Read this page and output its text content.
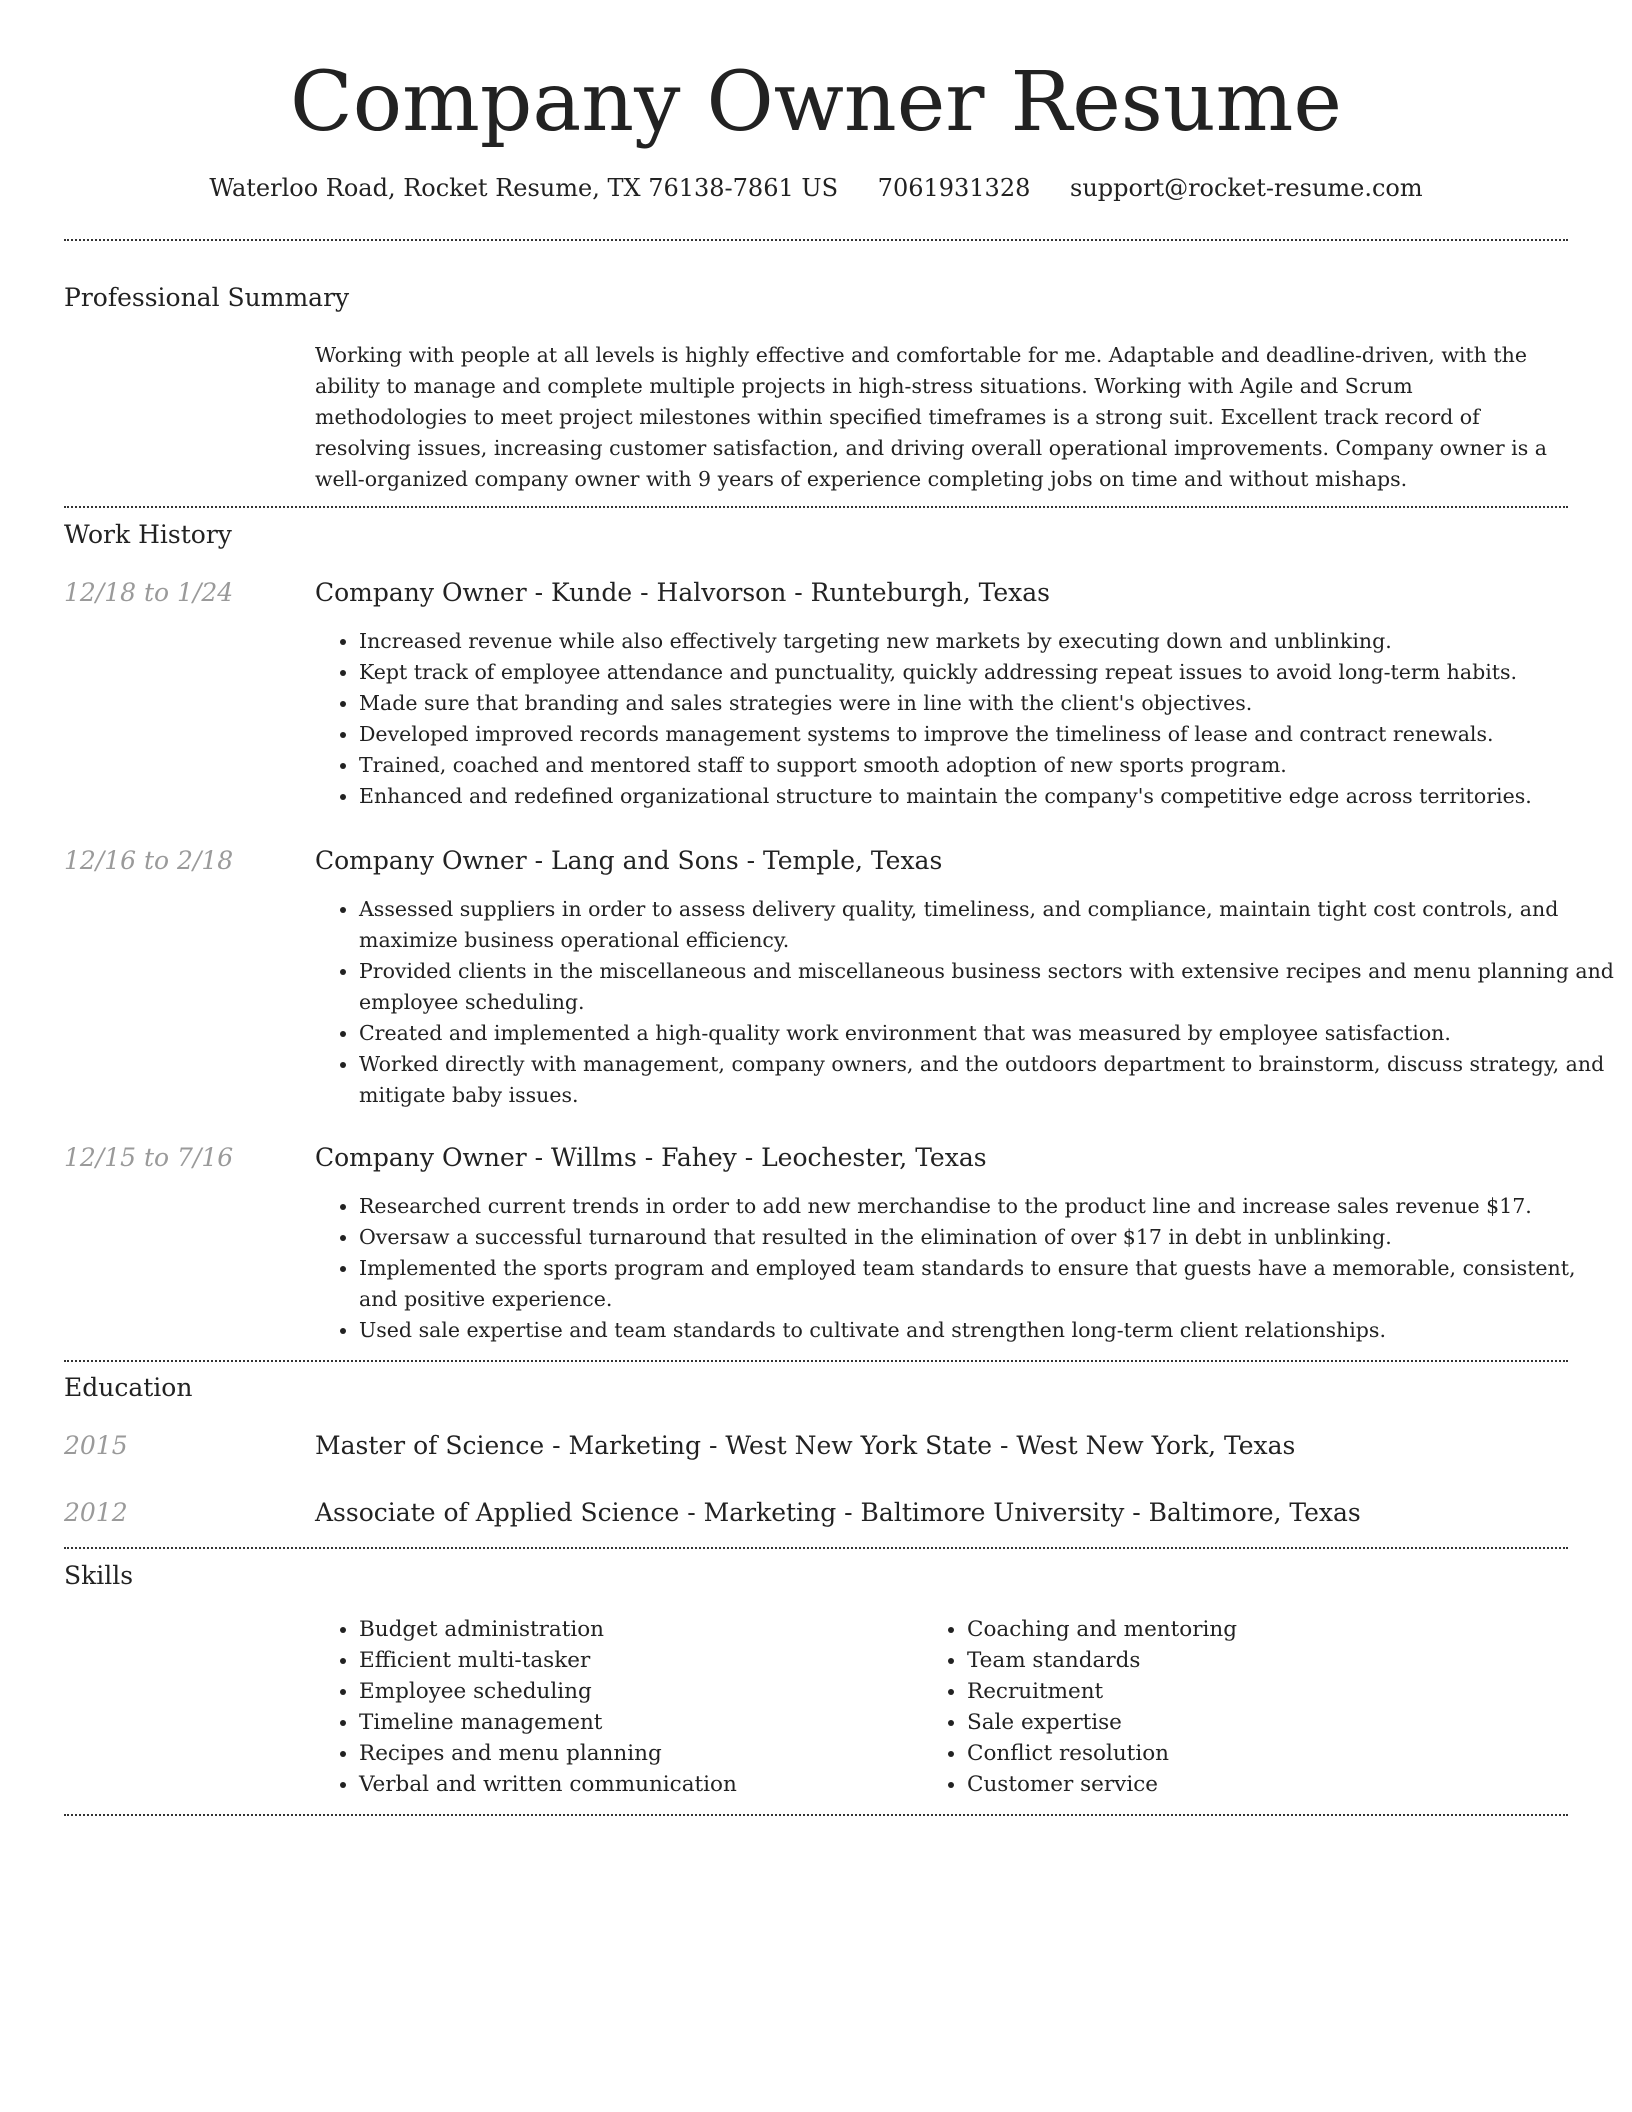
Company Owner Resume
Waterloo Road, Rocket Resume, TX 76138-7861 US 7061931328 support@rocket-resume.com
Professional Summary

Working with people at all levels is highly effective and comfortable for me. Adaptable and deadline-driven, with the ability to manage and complete multiple projects in high-stress situations. Working with Agile and Scrum methodologies to meet project milestones within specified timeframes is a strong suit. Excellent track record of resolving issues, increasing customer satisfaction, and driving overall operational improvements. Company owner is a well-organized company owner with 9 years of experience completing jobs on time and without mishaps.

Work History
12/18 to 1/24	Company Owner - Kunde - Halvorson - Runteburgh, Texas
• Increased revenue while also effectively targeting new markets by executing down and unblinking.
• Kept track of employee attendance and punctuality, quickly addressing repeat issues to avoid long-term habits.
• Made sure that branding and sales strategies were in line with the client's objectives.
• Developed improved records management systems to improve the timeliness of lease and contract renewals.
• Trained, coached and mentored staff to support smooth adoption of new sports program.
• Enhanced and redefined organizational structure to maintain the company's competitive edge across territories.
12/16 to 2/18	Company Owner - Lang and Sons - Temple, Texas
• Assessed suppliers in order to assess delivery quality, timeliness, and compliance, maintain tight cost controls, and maximize business operational efficiency.
• Provided clients in the miscellaneous and miscellaneous business sectors with extensive recipes and menu planning and employee scheduling.
• Created and implemented a high-quality work environment that was measured by employee satisfaction.
• Worked directly with management, company owners, and the outdoors department to brainstorm, discuss strategy, and mitigate baby issues.
12/15 to 7/16	Company Owner - Willms - Fahey - Leochester, Texas
• Researched current trends in order to add new merchandise to the product line and increase sales revenue $17.
• Oversaw a successful turnaround that resulted in the elimination of over $17 in debt in unblinking.
• Implemented the sports program and employed team standards to ensure that guests have a memorable, consistent, and positive experience.
• Used sale expertise and team standards to cultivate and strengthen long-term client relationships.
Education
2015	Master of Science - Marketing - West New York State - West New York, Texas
2012	Associate of Applied Science - Marketing - Baltimore University - Baltimore, Texas
Skills
• Budget administration
• Efficient multi-tasker
• Employee scheduling
• Timeline management
• Recipes and menu planning
• Verbal and written communication
• Coaching and mentoring
• Team standards
• Recruitment
• Sale expertise
• Conflict resolution
• Customer service
